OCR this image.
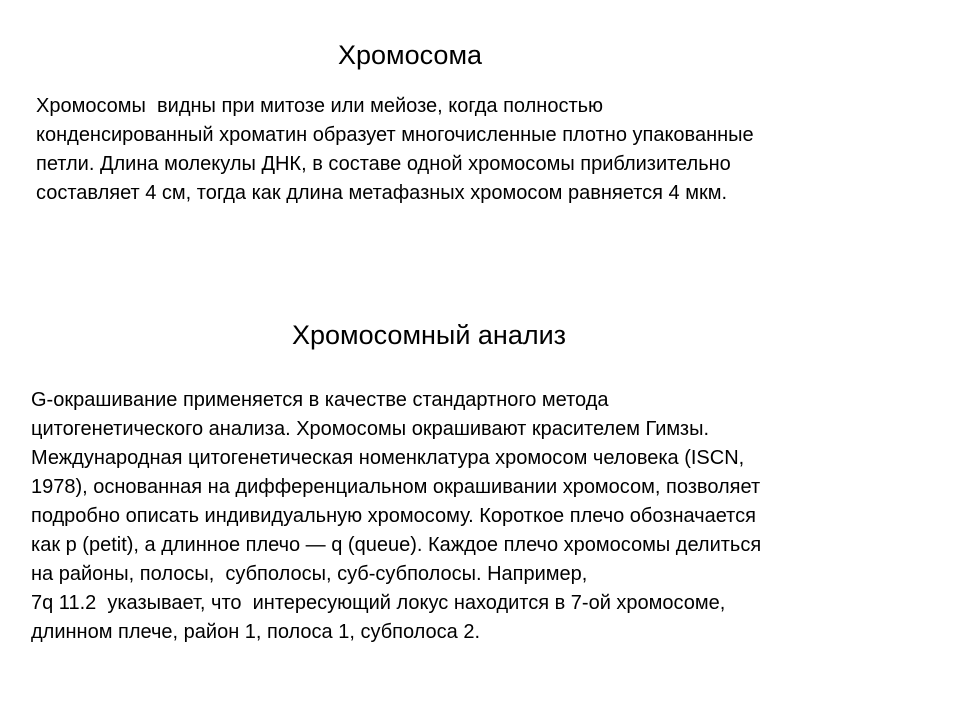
Хромосома
Хромосомы  видны при митозе или мейозе, когда полностью
конденсированный хроматин образует многочисленные плотно упакованные
петли. Длина молекулы ДНК, в составе одной хромосомы приблизительно
составляет 4 см, тогда как длина метафазных хромосом равняется 4 мкм.
Хромосомный анализ
G-окрашивание применяется в качестве стандартного метода
цитогенетического анализа. Хромосомы окрашивают красителем Гимзы.
Международная цитогенетическая номенклатура хромосом человека (ISCN,
1978), основанная на дифференциальном окрашивании хромосом, позволяет
подробно описать индивидуальную хромосому. Короткое плечо обозначается
как p (petit), а длинное плечо — q (queue). Каждое плечо хромосомы делиться
на районы, полосы,  субполосы, суб-субполосы. Например,
7q 11.2  указывает, что  интересующий локус находится в 7-ой хромосоме,
длинном плече, район 1, полоса 1, субполоса 2.
